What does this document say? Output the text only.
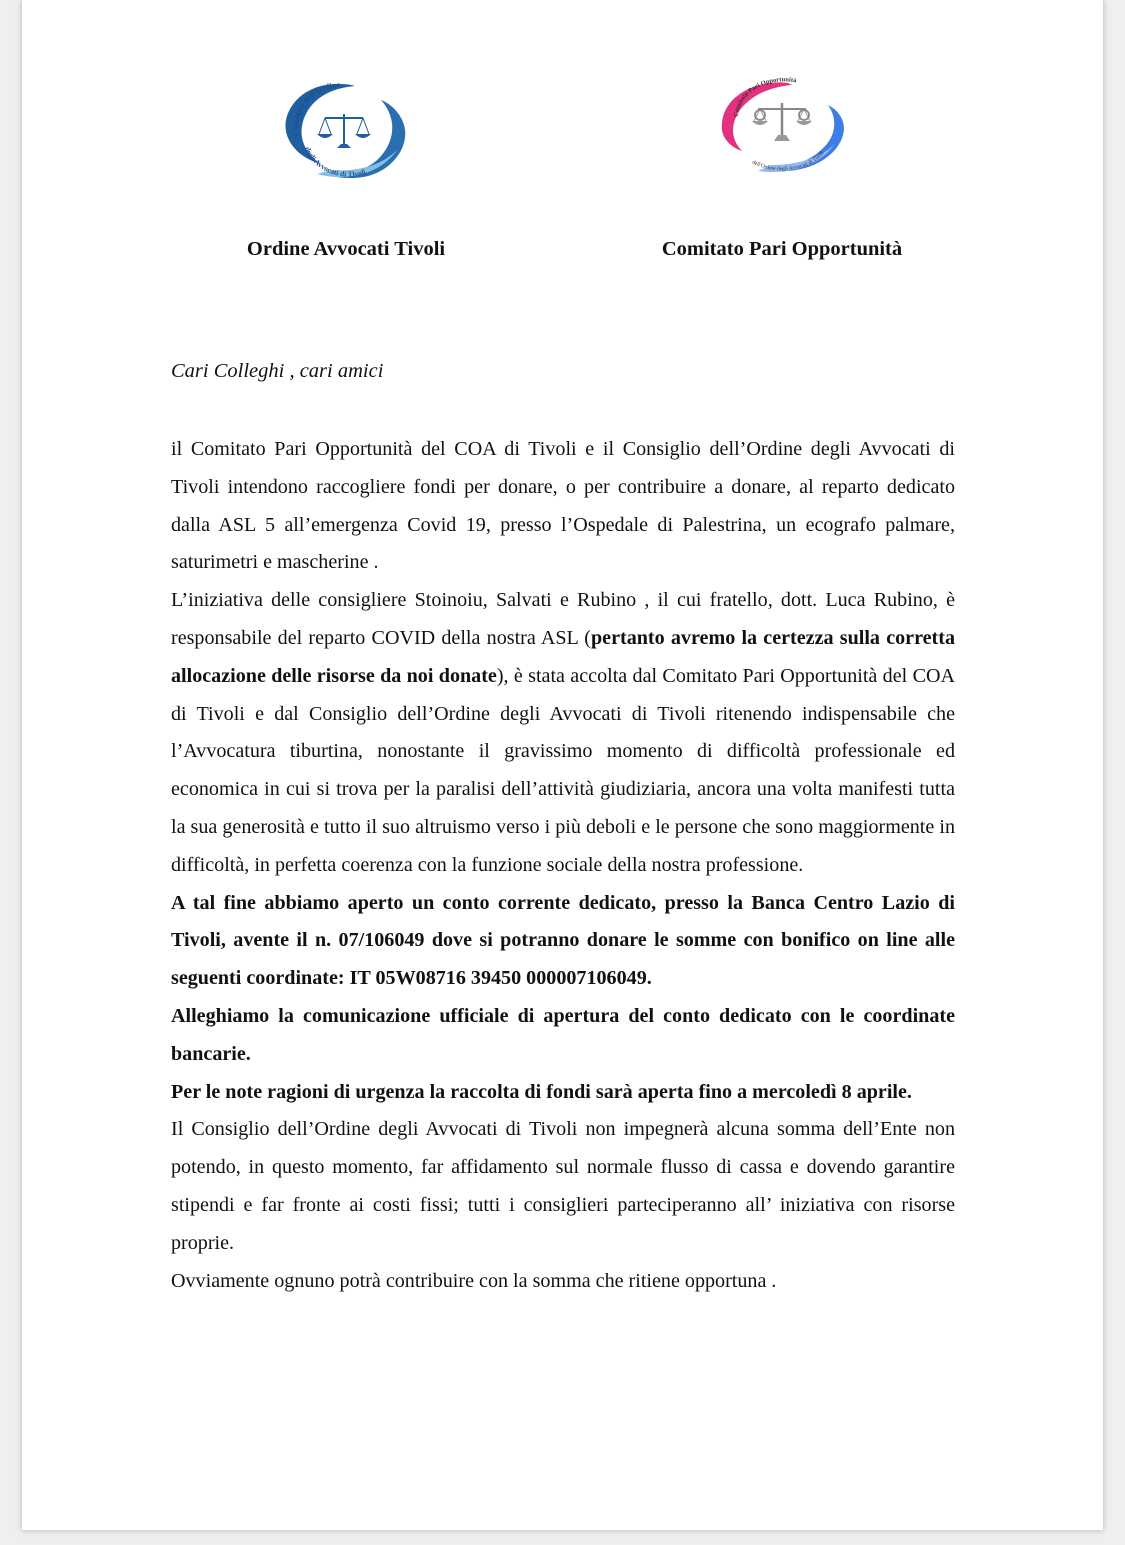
Consiglio dell'Ordine
degli Avvocati di Tivoli
Comitato Pari Opportunità
dell'Ordine degli Avvocati di Tivoli
Ordine Avvocati Tivoli	Comitato Pari Opportunità
Cari Colleghi , cari amici

il Comitato Pari Opportunità del COA di Tivoli e il Consiglio dell’Ordine degli Avvocati di Tivoli intendono raccogliere fondi per donare, o per contribuire a donare, al reparto dedicato dalla ASL 5 all’emergenza Covid 19, presso l’Ospedale di Palestrina, un ecografo palmare, saturimetri e mascherine .

L’iniziativa delle consigliere Stoinoiu, Salvati e Rubino , il cui fratello, dott. Luca Rubino, è responsabile del reparto COVID della nostra ASL (pertanto avremo la certezza sulla corretta allocazione delle risorse da noi donate), è stata accolta dal Comitato Pari Opportunità del COA di Tivoli e dal Consiglio dell’Ordine degli Avvocati di Tivoli ritenendo indispensabile che l’Avvocatura tiburtina, nonostante il gravissimo momento di difficoltà professionale ed economica in cui si trova per la paralisi dell’attività giudiziaria, ancora una volta manifesti tutta la sua generosità e tutto il suo altruismo verso i più deboli e le persone che sono maggiormente in difficoltà, in perfetta coerenza con la funzione sociale della nostra professione.

A tal fine abbiamo aperto un conto corrente dedicato, presso la Banca Centro Lazio di Tivoli, avente il n. 07/106049 dove si potranno donare le somme con bonifico on line alle seguenti coordinate: IT 05W08716 39450 000007106049.

Alleghiamo la comunicazione ufficiale di apertura del conto dedicato con le coordinate bancarie.

Per le note ragioni di urgenza la raccolta di fondi sarà aperta fino a mercoledì 8 aprile.

Il Consiglio dell’Ordine degli Avvocati di Tivoli non impegnerà alcuna somma dell’Ente non potendo, in questo momento, far affidamento sul normale flusso di cassa e dovendo garantire stipendi e far fronte ai costi fissi; tutti i consiglieri parteciperanno all’ iniziativa con risorse proprie.

Ovviamente ognuno potrà contribuire con la somma che ritiene opportuna .
